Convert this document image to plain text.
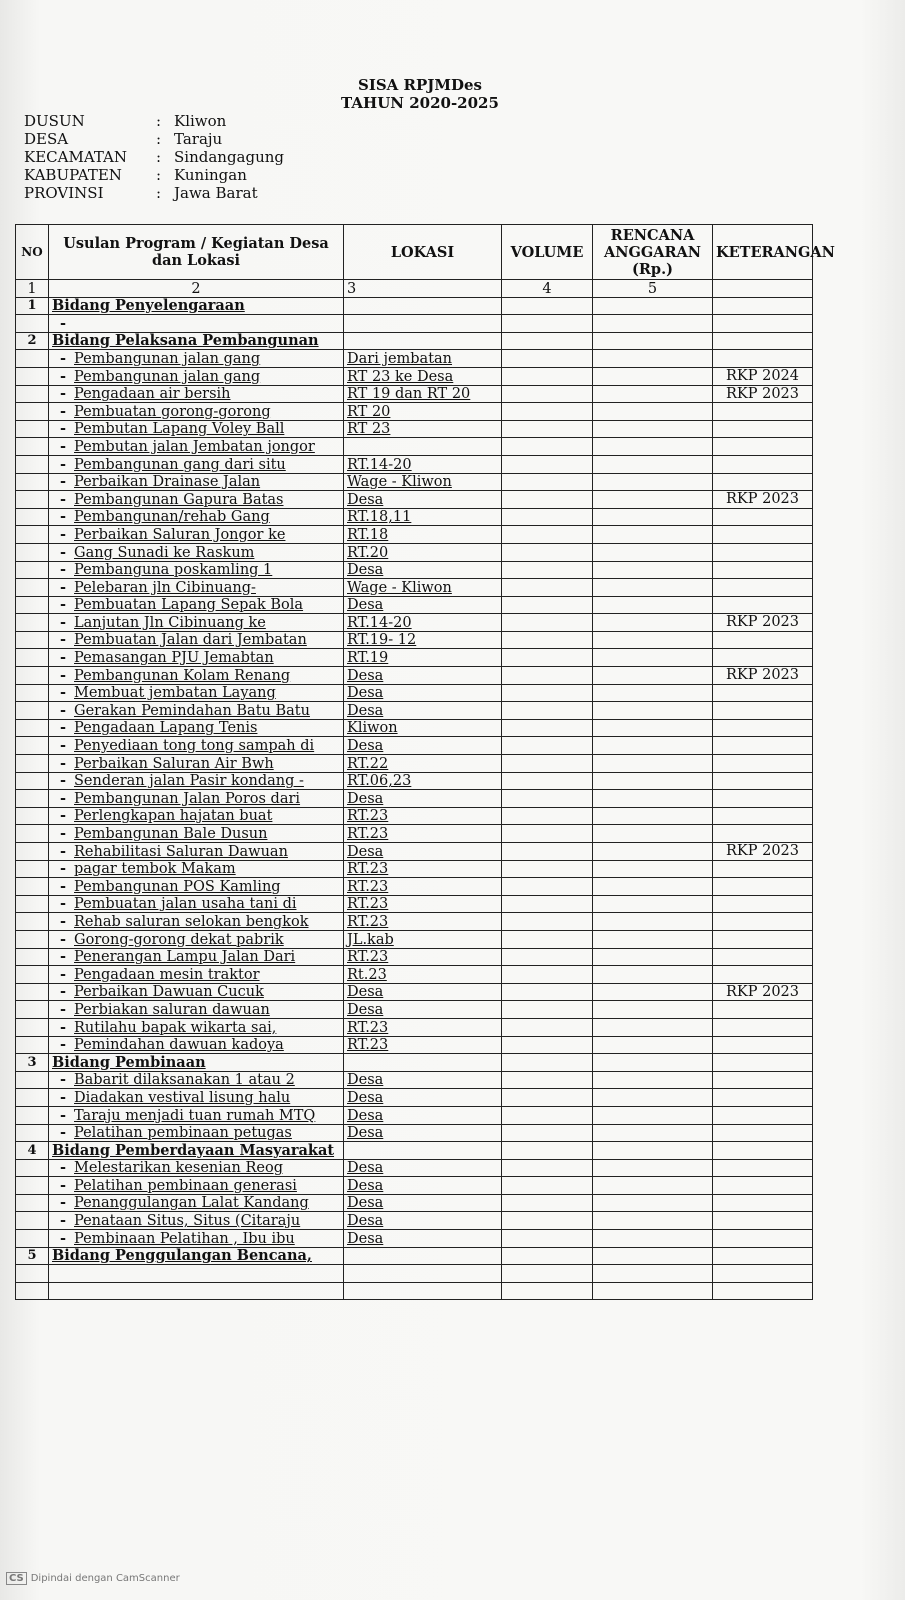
SISA RPJMDes
TAHUN 2020-2025
DUSUN	: Kliwon
DESA	: Taraju
KECAMATAN	: Sindangagung
KABUPATEN	: Kuningan
PROVINSI	: Jawa Barat
NO	Usulan Program / Kegiatan Desa dan Lokasi	LOKASI	VOLUME	RENCANA ANGGARAN (Rp.)	KETERANGAN
1	2	3	4	5	
1	Bidang Penyelengaraan				
	-				
2	Bidang Pelaksana Pembangunan				
	- Pembangunan jalan gang	Dari jembatan			
	- Pembangunan jalan gang	RT 23 ke Desa			RKP 2024
	- Pengadaan air bersih	RT 19 dan RT 20			RKP 2023
	- Pembuatan gorong-gorong	RT 20			
	- Pembutan Lapang Voley Ball	RT 23			
	- Pembutan jalan Jembatan jongor				
	- Pembangunan gang dari situ	RT.14-20			
	- Perbaikan Drainase Jalan	Wage - Kliwon			
	- Pembangunan Gapura Batas	Desa			RKP 2023
	- Pembangunan/rehab Gang	RT.18,11			
	- Perbaikan Saluran Jongor ke	RT.18			
	- Gang Sunadi ke Raskum	RT.20			
	- Pembanguna poskamling 1	Desa			
	- Pelebaran jln Cibinuang-	Wage - Kliwon			
	- Pembuatan Lapang Sepak Bola	Desa			
	- Lanjutan Jln Cibinuang ke	RT.14-20			RKP 2023
	- Pembuatan Jalan dari Jembatan	RT.19- 12			
	- Pemasangan PJU Jemabtan	RT.19			
	- Pembangunan Kolam Renang	Desa			RKP 2023
	- Membuat jembatan Layang	Desa			
	- Gerakan Pemindahan Batu Batu	Desa			
	- Pengadaan Lapang Tenis	Kliwon			
	- Penyediaan tong tong sampah di	Desa			
	- Perbaikan Saluran Air Bwh	RT.22			
	- Senderan jalan Pasir kondang -	RT.06,23			
	- Pembangunan Jalan Poros dari	Desa			
	- Perlengkapan hajatan buat	RT.23			
	- Pembangunan Bale Dusun	RT.23			
	- Rehabilitasi Saluran Dawuan	Desa			RKP 2023
	- pagar tembok Makam	RT.23			
	- Pembangunan POS Kamling	RT.23			
	- Pembuatan jalan usaha tani di	RT.23			
	- Rehab saluran selokan bengkok	RT.23			
	- Gorong-gorong dekat pabrik	JL.kab			
	- Penerangan Lampu Jalan Dari	RT.23			
	- Pengadaan mesin traktor	Rt.23			
	- Perbaikan Dawuan Cucuk	Desa			RKP 2023
	- Perbiakan saluran dawuan	Desa			
	- Rutilahu bapak wikarta sai,	RT.23			
	- Pemindahan dawuan kadoya	RT.23			
3	Bidang Pembinaan				
	- Babarit dilaksanakan 1 atau 2	Desa			
	- Diadakan vestival lisung halu	Desa			
	- Taraju menjadi tuan rumah MTQ	Desa			
	- Pelatihan pembinaan petugas	Desa			
4	Bidang Pemberdayaan Masyarakat				
	- Melestarikan kesenian Reog	Desa			
	- Pelatihan pembinaan generasi	Desa			
	- Penanggulangan Lalat Kandang	Desa			
	- Penataan Situs, Situs (Citaraju	Desa			
	- Pembinaan Pelatihan , Ibu ibu	Desa			
5	Bidang Penggulangan Bencana,				

CS Dipindai dengan CamScanner
